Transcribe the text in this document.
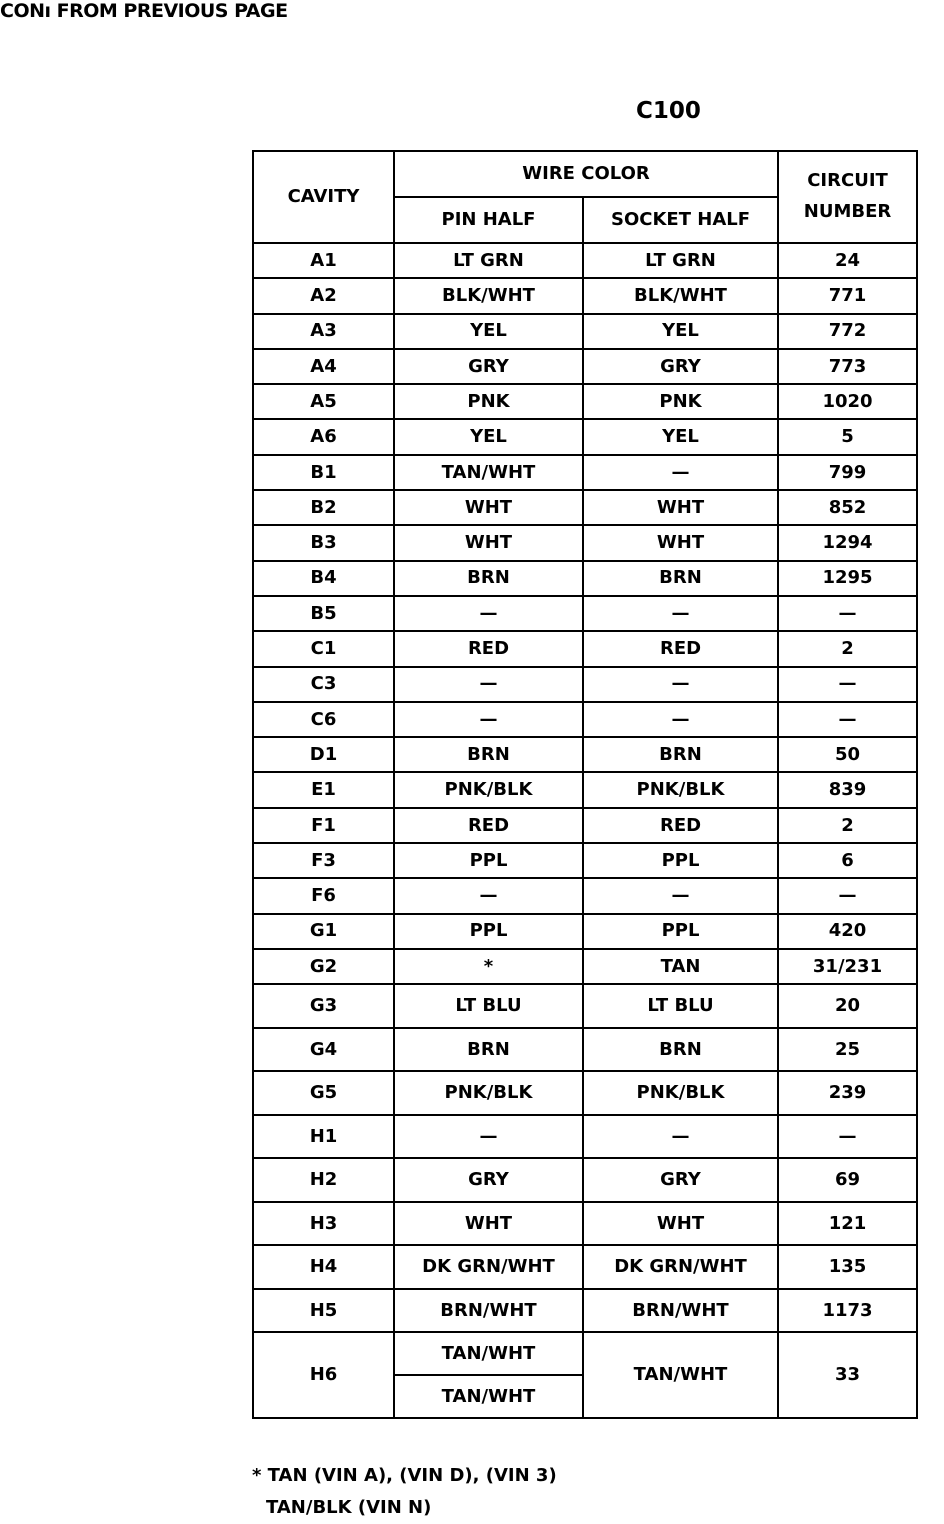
CONı FROM PREVIOUS PAGE
C100
CAVITY	WIRE COLOR		CIRCUIT
NUMBER
	PIN HALF	SOCKET HALF	
A1	LT GRN	LT GRN	24
A2	BLK/WHT	BLK/WHT	771
A3	YEL	YEL	772
A4	GRY	GRY	773
A5	PNK	PNK	1020
A6	YEL	YEL	5
B1	TAN/WHT	—	799
B2	WHT	WHT	852
B3	WHT	WHT	1294
B4	BRN	BRN	1295
B5	—	—	—
C1	RED	RED	2
C3	—	—	—
C6	—	—	—
D1	BRN	BRN	50
E1	PNK/BLK	PNK/BLK	839
F1	RED	RED	2
F3	PPL	PPL	6
F6	—	—	—
G1	PPL	PPL	420
G2	*	TAN	31/231
G3	LT BLU	LT BLU	20
G4	BRN	BRN	25
G5	PNK/BLK	PNK/BLK	239
H1	—	—	—
H2	GRY	GRY	69
H3	WHT	WHT	121
H4	DK GRN/WHT	DK GRN/WHT	135
H5	BRN/WHT	BRN/WHT	1173
H6	TAN/WHT	TAN/WHT	33
	TAN/WHT		
* TAN (VIN A), (VIN D), (VIN 3)
TAN/BLK (VIN N)
